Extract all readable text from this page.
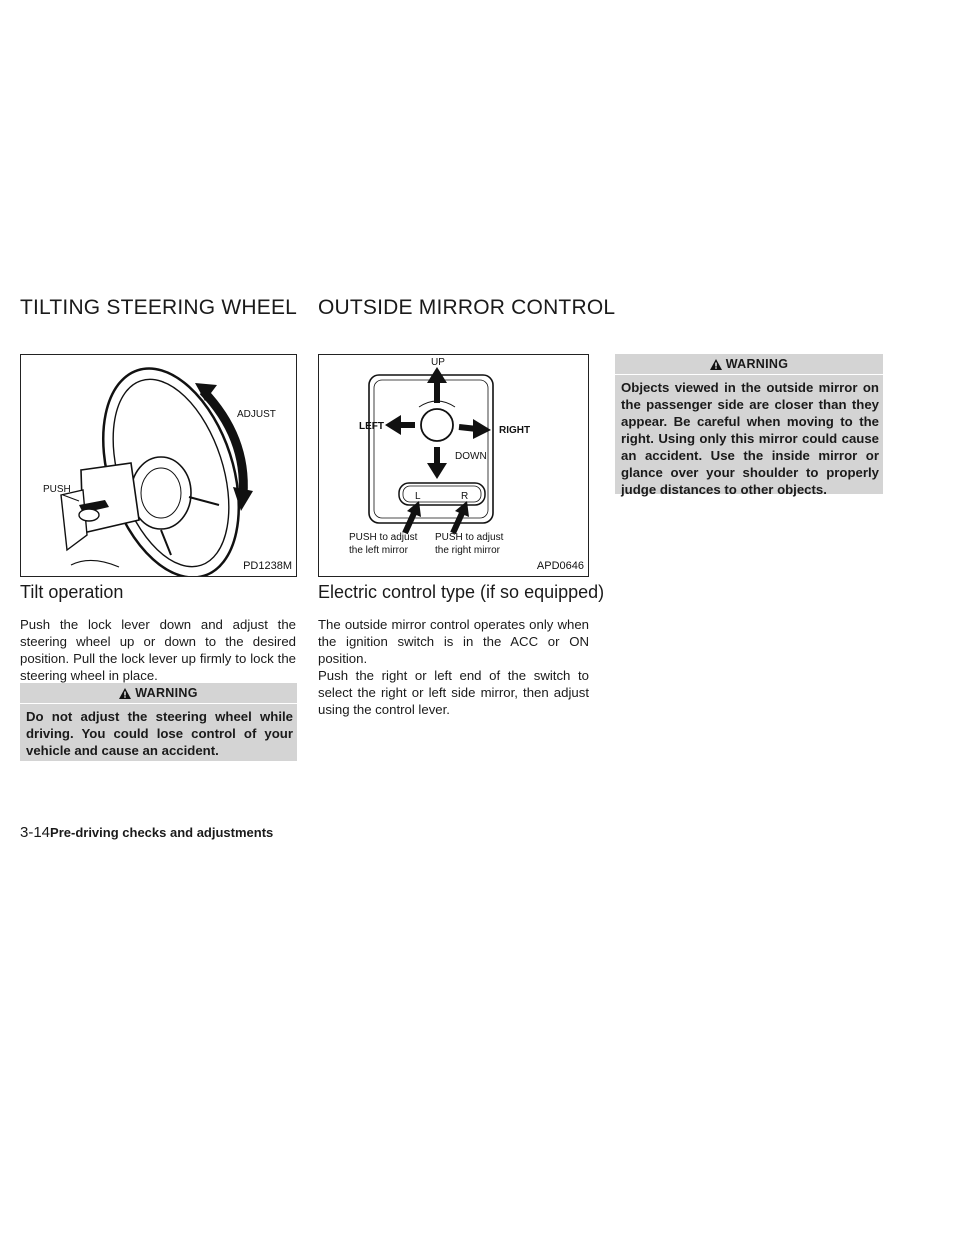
TILTING STEERING WHEEL OUTSIDE MIRROR CONTROL
ADJUST
PUSH
PD1238M
L	R
UP
DOWN
LEFT	RIGHT
PUSH to adjust
the left mirror
PUSH to adjust
the right mirror
APD0646
Tilt operation

Push the lock lever down and adjust the steering wheel up or down to the desired position. Pull the lock lever up firmly to lock the steering wheel in place.

WARNING
Do not adjust the steering wheel while driving. You could lose control of your vehicle and cause an accident.
Electric control type (if so equipped)

The outside mirror control operates only when the ignition switch is in the ACC or ON position.

Push the right or left end of the switch to select the right or left side mirror, then adjust using the control lever.

WARNING
Objects viewed in the outside mirror on the passenger side are closer than they appear. Be careful when moving to the right. Using only this mirror could cause an accident. Use the inside mirror or glance over your shoulder to properly judge distances to other objects.
3-14Pre-driving checks and adjustments
